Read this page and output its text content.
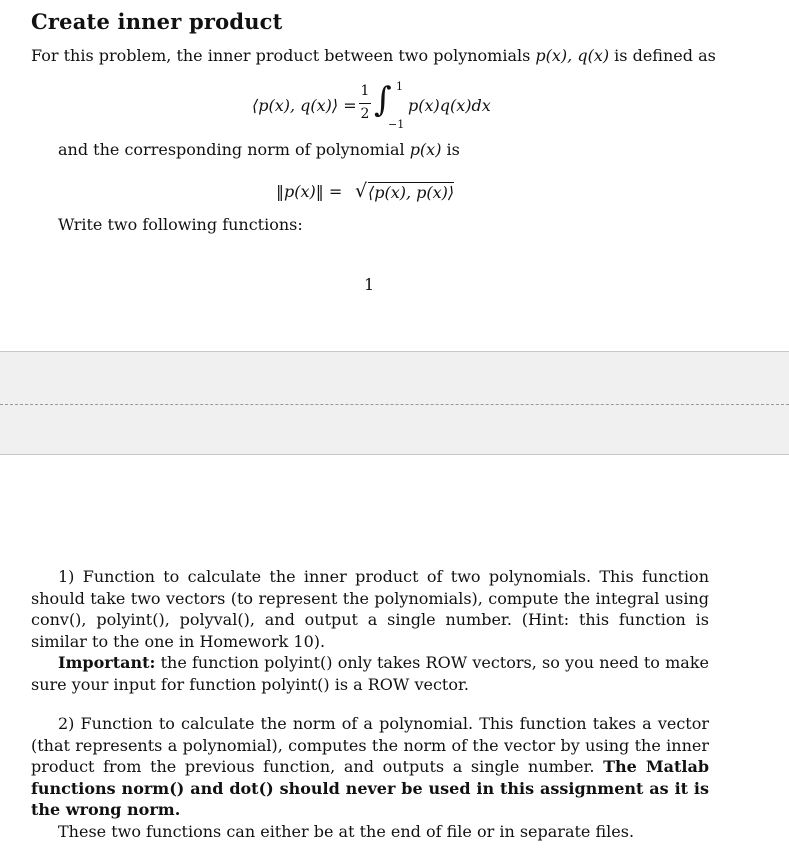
Create inner product
For this problem, the inner product between two polynomials p(x), q(x) is defined as
⟨p(x), q(x)⟩ =
1
2 ∫ 1
−1
p(x)q(x)dx
and the corresponding norm of polynomial p(x) is
‖p(x)‖ = √ ⟨p(x), p(x)⟩
Write two following functions:
1
1) Function to calculate the inner product of two polynomials. This function should take two vectors (to represent the polynomials), compute the integral using conv(), polyint(), polyval(), and output a single number. (Hint: this function is similar to the one in Homework 10).
Important: the function polyint() only takes ROW vectors, so you need to make sure your input for function polyint() is a ROW vector.
2) Function to calculate the norm of a polynomial. This function takes a vector (that represents a polynomial), computes the norm of the vector by using the inner product from the previous function, and outputs a single number. The Matlab functions norm() and dot() should never be used in this assignment as it is the wrong norm.
These two functions can either be at the end of file or in separate files.
